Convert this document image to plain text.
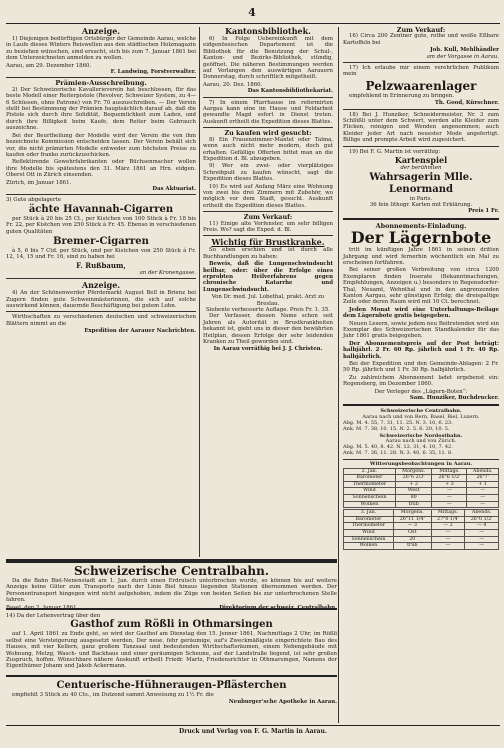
4
Anzeige.

1) Diejenigen bedürftigen Ortsbürger der Gemeinde Aarau, welche in Laufe dieses Winters Reiswellen aus den städtischen Holzmagazin zu beziehen wünschen, sind ersucht, sich bis zum 7. Januar 1861 bei dem Unterzeichneten anmelden zu wollen.

Aarau, am 29. Dezember 1860.
F. Landwing, Forstverwalter.
Prämien-Ausschreibung.

2) Der Schweizerische Kavallerieverein hat beschlossen, für das beste Modell einer Reiterpistole (Revolver, Schweizer System, zu 4—6 Schüssen, ohne Patrone) von Fr. 70 auszuschreiben. — Der Verein stellt bei Bestimmung der Prämien hauptsächlich darauf ab, daß die Pistole sich durch ihre Solidität, Bequemlichkeit zum Laden, und durch ihre Billigkeit beim Kaufe, dem Reiter beim Gebrauch auszeichne.

Bei der Beurtheilung der Modelle wird der Verein die von ihm bezeichnete Kommission entscheiden lassen. Der Verein behält sich vor, die nicht prämirten Modelle entweder zum höchsten Preise zu kaufen oder franko zurückzuschicken.

Reflektirende Gewehrfabrikanten oder Büchsenmacher wollen ihre Modelle bis spätestens den 31. März 1861 an Hrn. eidgen. Oberst Ott in Zürich einsenden.

Zürich, im Januar 1861.
Das Aktuariat.
3) Gute abgelagerte
ächte Havannah-Cigarren

per Stück à 20 bis 25 Ct., per Kistchen von 100 Stück à Fr. 18 bis Fr. 22, per Kistchen von 250 Stück à Fr. 45. Ebenso in verschiedenen guten Qualitäten

Bremer-Cigarren

à 5, 6 bis 7 Ctd. per Stück, und per Kistchen von 250 Stück à Fr. 12, 14, 15 und Fr. 16, sind zu haben bei

F. Rußbaum,
an der Kronengasse.
Anzeige.

4) An der Schönenwerder Pferdemarkt August Bell in Brienz bei Zugern finden gute Schweinmästerinnen, die sich auf solche auswirkend können, dauernde Beschäftigung bei gutem Lohn.

Wirthschaften zu verschiedenen deutschen und schweizerischen Blättern nimmt an die

Expedition der Aarauer Nachrichten.
Kantonsbibliothek.

6) In Folge Uebereinkunft mit dem eidgenössischen Departement ist die Bibliothek für die Benutzung der Schul-, Kanton- und Bezirks-Bibliothek, stündig, geöffnet. Die näheren Bestimmungen werden auf Verlangen den auswärtigen Aarauern Donnerstag, durch schriftlich mitgetheilt.

Aarau, 20. Dez. 1860.
Das Kantonsbibliothekariat.

7) In einem Pfarrhause im reformirten Aargau kann eine im Hause und Feldarbeit gewandte Magd sofort in Dienst treten. Auskunft ertheilt die Expedition dieses Blattes.

Zu kaufen wird gesucht:

8) Ein Frauenzimmer-Mantel oder Talma, wenn auch nicht mehr modern, doch gut erhalten. Gefällige Offerten bittet man an die Expedition d. Bl. abzugeben.

9) Wer ein zwei- oder vierplätziges Schreibpult zu kaufen wünscht, sagt die Expedition dieses Blattes.

10) Es wird auf Anfang März eine Wohnung von zwei bis drei Zimmern mit Zubehör, wo möglich vor dem Stadt, gesucht. Auskunft ertheilt die Expedition dieses Blattes.

Zum Verkauf:

11) Einige alte Vorfenster, um sehr billigen Preis. Wo? sagt die Exped. d. Bl.

Wichtig für Brustkranke.

So eben erschien und ist durch alle Buchhandlungen zu haben:

Beweis, daß die Lungenschwindsucht heilbar, oder: über die Erfolge eines erprobten Heilverfahrens gegen chronische Katarrhe und Lungenschwindsucht.

Von Dr. med. Jul. Lobethal, prakt. Arzt zu Breslau.
Siebente verbesserte Auflage. Preis Fr. 1. 35.

Der Verfasser, dessen Name schon seit Jahren als Autorität in Brustkrankheiten bekannt ist, giebt uns in dieser den bewährten Heilplan, dessen Erfolge der sehr leidenden Kranken zu Theil geworden sind.

In Aarau vorräthig bei J. J. Christen.
Zum Verkauf:

16) Circa 200 Zentner gute, rothe und weiße Eßbare Kartoffeln bei

Joh. Kull, Mehlhändler
am der Vorgasse in Aarau.

17) Ich erlaube mir einem verehrlichen Publikum mein

Pelzwaarenlager

empfehlend in Erinnerung zu bringen.

Th. Good, Kürschner.

18) Bei J. Hunziker, Schneidermeister, Nr. 3 zum Schlößli unter dem Schwert, werden alte Kleider zum Flicken, reinigen und Wenden angenommen; auch Kleider jeder Art nach neuester Mode angefertigt. Billige und prompte Arbeit wird zugesichert.

19) Bei F. G. Martin ist vorräthig:

Kartenspiel
der berühmten
Wahrsagerin Mlle. Lenormand
in Paris.
36 fein lithogr. Karten mit Erklärung.
Preis 1 Fr.
Abonnements-Einladung.
Der Lägernbote

tritt im künftigen Jahre 1861 in seinen dritten Jahrgang und wird fernerhin wöchentlich ein Mal zu erscheinen fortfahren.

Bei seiner großen Verbreitung von circa 1200 Exemplaren finden Inserate (Bekanntmachungen, Empfehlungen, Anzeigen u.) besonders in Regensdorfer-Thal, Neuamt, Wehnthal und in den angrenzenden Kanton Aargau, sehr günstigen Erfolg; die dreispaltige Zeile oder deren Raum wird mit 10 Ct. berechnet.

Jeden Monat wird eine Unterhaltungs-Beilage dem Lägernbote gratis beigegeben.

Neuen Lesern, sowie jedem neu Beitretenden wird ein Exemplar des Schweizerischen Standkalender für das Jahr 1861 gratis beigegeben.

Der Abonnementspreis auf der Post beträgt: halbjährl. 2 Fr. 60 Rp. jährlich und 1 Fr. 40 Rp. halbjährlich.

Bei der Expedition und den Gemeinde-Ablagen: 2 Fr. 50 Rp. jährlich und 1 Fr. 30 Rp. halbjährlich.

Zu zahlreichem Abonnement ladet ergebenst ein: Regensberg, im Dezember 1860.

Der Verleger des „Lägern-Boten“:
Sam. Hunziker, Buchdrucker.
Schweizerische Centralbahn.
Aarau nach und von Bern, Basel, Biel, Luzern.
Abg. M. 4. 55, 7. 31, 11. 25. N. 3. 10, 6. 23.
Ank. M. 7. 38, 10. 15. N. 2. 5. 6. 20, 10. 5.
Schweizerische Nordostbahn.
Aarau nach und von Zürich.
Abg. M. 5. 40, 8. 42. N. 12. 31, 4. 10, 7. 42.
Ank. M. 7. 36, 11. 28. N. 3. 40, 6. 35, 11. 8.
Witterungsbeobachtungen in Aarau.
2. Jan.	Morgens.	Mittags.	Abends.
Barometer	26"6 2/3'	26"6 1/2'	26"7'
Thermometer	+ 2	+ 3	+ 1
Wind	West	—	—
Sonnenschein	80	—	—
Wolken	trüb	—	—
3. Jan.	Morgens.	Mittags.	Abends.
Barometer	26"11 1/4'	27"0 1/4'	26"0 1/2'
Thermometer	— 3	— 2	— 4
Wind	Ost	—	—
Sonnenschein	20	—	—
Wolken	trüb	—	—
Schweizerische Centralbahn.

Da die Bahn Biel-Nenenstadt am 1. Jan. durch einen Erdrutsch unterbrochen wurde, so können bis auf weitere Anzeige keine Güter zum Transporte nach der Linie Biel hinaus liegenden Stationen übernommen werden. Der Personentransport hingegen wird nicht aufgehoben, indem die Züge von beiden Seiten bis zur unterbrochenen Stelle fahren.

Basel, den 2. Januar 1861.	Direktorium der schweiz. Centralbahn.
14) Da der Lehenvertrag über den
Gasthof zum Rößli in Othmarsingen

auf 1. April 1861 zu Ende geht, so wird der Gasthof am Dienstag den 15. Jenner 1861, Nachmittags 2 Uhr, im Rößli selbst eine Versteigerung ausgesetzt werden. Der neue, fehr geräumige, auf's Zweckmäßigste eingerichtete Bau des Hauses, mit vier Kellern, ganz großem Tanzsaal und bedeutenden Wirthschaftsräumen, einem Nebengebäude mit Wohnung, Metzg, Wasch- und Backhaus und einer geräumigen Scheune, auf der Landstraße liegend, ist sehr großen Zuspruch, hoffen. Wünschbare nähere Auskunft ertheilt Friedr. Martz, Friedensrichter in Othmarsingen, Namens der Eigenthümer Johann und Jakob Ackermann.

Centuerische-Hühneraugen-Pflästerchen

empfiehlt 3 Stück zu 40 Cts., im Dutzend sammt Anweisung zu 1½ Fr. die

Neuburger'sche Apotheke in Aarau.
Druck und Verlag von F. G. Martin in Aarau.
